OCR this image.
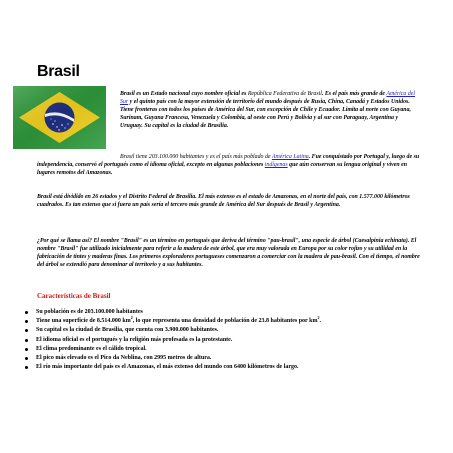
Brasil

Brasil es un Estado nacional cuyo nombre oficial es República Federativa de Brasil. Es el país más grande de América del Sur y el quinto país con la mayor extensión de territorio del mundo después de Rusia, China, Canadá y Estados Unidos. Tiene fronteras con todos los países de América del Sur, con excepción de Chile y Ecuador. Limita al norte con Guyana, Surinam, Guyana Francesa, Venezuela y Colombia, al oeste con Perú y Bolivia y al sur con Paraguay, Argentina y Uruguay. Su capital es la ciudad de Brasilia.

Brasil tiene 203.100.000 habitantes y es el país más poblado de América Latina. Fue conquistado por Portugal y, luego de su independencia, conservó el portugués como el idioma oficial, excepto en algunas poblaciones indígenas que aún conservan su lengua original y viven en lugares remotos del Amazonas.

Brasil está dividido en 26 estados y el Distrito Federal de Brasilia. El más extenso es el estado de Amazonas, en el norte del país, con 1.577.000 kilómetros cuadrados. Es tan extenso que si fuera un país sería el tercero más grande de América del Sur después de Brasil y Argentina.

¿Por qué se llama así? El nombre "Brasil" es un término en portugués que deriva del término "pau-brasil", una especie de árbol (Caesalpinia echinata). El nombre "Brasil" fue utilizado inicialmente para referir a la madera de este árbol, que era muy valorada en Europa por su color rojizo y su utilidad en la fabricación de tintes y maderas finas. Los primeros exploradores portugueses comenzaron a comerciar con la madera de pau-brasil. Con el tiempo, el nombre del árbol se extendió para denominar al territorio y a sus habitantes.

Características de Brasil
Su población es de 203.100.000 habitantes
Tiene una superficie de 8.514.000 $km^2$, lo que representa una densidad de población de 23.8 habitantes por $km^2$.
Su capital es la ciudad de Brasilia, que cuenta con 3.900.000 habitantes.
El idioma oficial es el portugués y la religión más profesada es la protestante.
El clima predominante es el cálido tropical.
El pico más elevado es el Pico da Neblina, con 2995 metros de altura.
El río más importante del país es el Amazonas, el más extenso del mundo con 6400 kilómetros de largo.
